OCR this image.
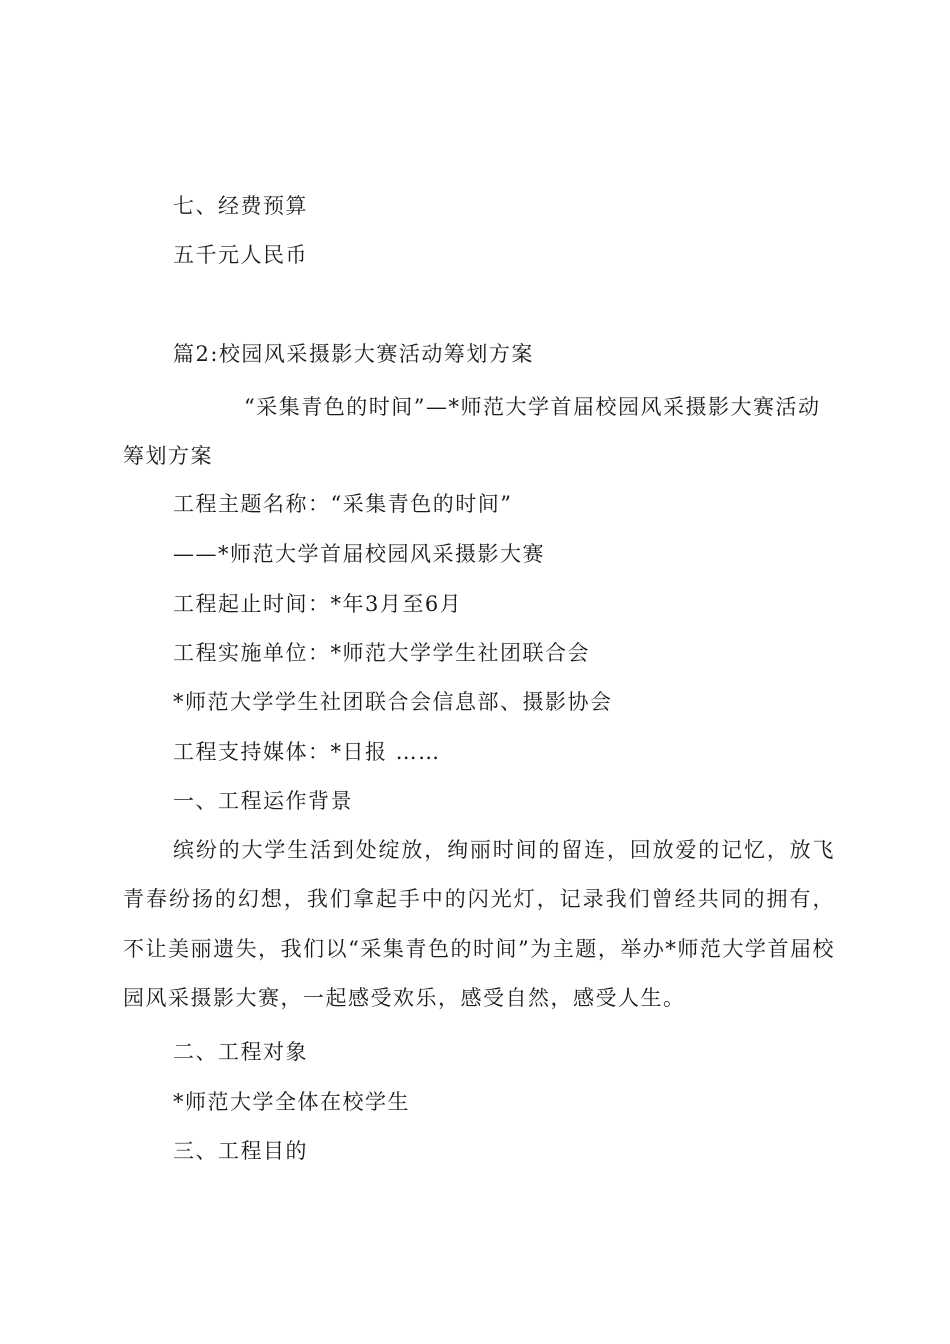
七、经费预算
五千元人民币
篇2:校园风采摄影大赛活动筹划方案
“采集青色的时间”—*师范大学首届校园风采摄影大赛活动筹划方案
工程主题名称：“采集青色的时间”
——*师范大学首届校园风采摄影大赛
工程起止时间：*年3月至6月
工程实施单位：*师范大学学生社团联合会
*师范大学学生社团联合会信息部、摄影协会
工程支持媒体：*日报 ……
一、工程运作背景
缤纷的大学生活到处绽放，绚丽时间的留连，回放爱的记忆，放飞青春纷扬的幻想，我们拿起手中的闪光灯，记录我们曾经共同的拥有，不让美丽遗失，我们以“采集青色的时间”为主题，举办*师范大学首届校园风采摄影大赛，一起感受欢乐，感受自然，感受人生。
二、工程对象
*师范大学全体在校学生
三、工程目的
